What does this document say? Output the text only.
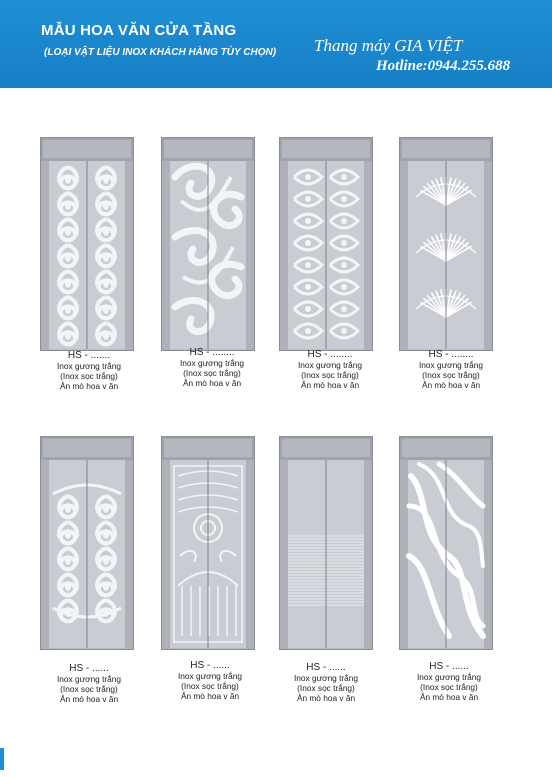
MẪU HOA VĂN CỬA TẦNG
(LOẠI VẬT LIỆU INOX KHÁCH HÀNG TÙY CHỌN) Thang máy GIA VIỆT
Hotline:0944.255.688
HS - .......
Inox gương trắng
(Inox sọc trắng)
Ăn mò hoa v ăn
HS - ........
Inox gương trắng
(Inox sọc trắng)
Ăn mò hoa v ăn
HS - ........
Inox gương trắng
(Inox sọc trắng)
Ăn mò hoa v ăn
HS - ........
Inox gương trắng
(Inox sọc trắng)
Ăn mò hoa v ăn
HS - ......
Inox gương trắng
(Inox sọc trắng)
Ăn mò hoa v ăn
HS - ......
Inox gương trắng
(Inox sọc trắng)
Ăn mò hoa v ăn
HS - ......
Inox gương trắng
(Inox sọc trắng)
Ăn mò hoa v ăn
HS - ......
Inox gương trắng
(Inox sọc trắng)
Ăn mò hoa v ăn
